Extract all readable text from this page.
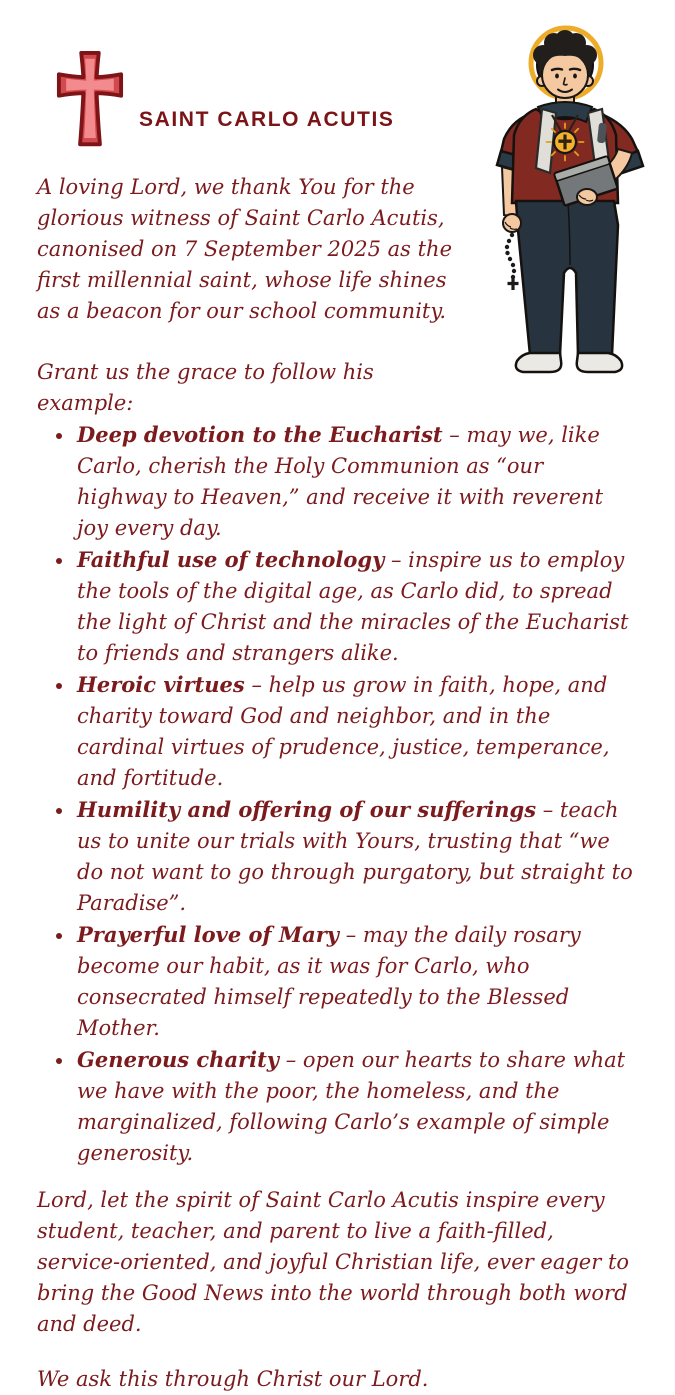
SAINT CARLO ACUTIS

A loving Lord, we thank You for the glorious witness of Saint Carlo Acutis, canonised on 7 September 2025 as the first millennial saint, whose life shines as a beacon for our school community.

Grant us the grace to follow his example:

• Deep devotion to the Eucharist – may we, like Carlo, cherish the Holy Communion as “our highway to Heaven,” and receive it with reverent joy every day.
• Faithful use of technology – inspire us to employ the tools of the digital age, as Carlo did, to spread the light of Christ and the miracles of the Eucharist to friends and strangers alike.
• Heroic virtues – help us grow in faith, hope, and charity toward God and neighbor, and in the cardinal virtues of prudence, justice, temperance, and fortitude.
• Humility and offering of our sufferings – teach us to unite our trials with Yours, trusting that “we do not want to go through purgatory, but straight to Paradise”.
• Prayerful love of Mary – may the daily rosary become our habit, as it was for Carlo, who consecrated himself repeatedly to the Blessed Mother.
• Generous charity – open our hearts to share what we have with the poor, the homeless, and the marginalized, following Carlo’s example of simple generosity.

Lord, let the spirit of Saint Carlo Acutis inspire every student, teacher, and parent to live a faith-filled, service-oriented, and joyful Christian life, ever eager to bring the Good News into the world through both word and deed.

We ask this through Christ our Lord.
